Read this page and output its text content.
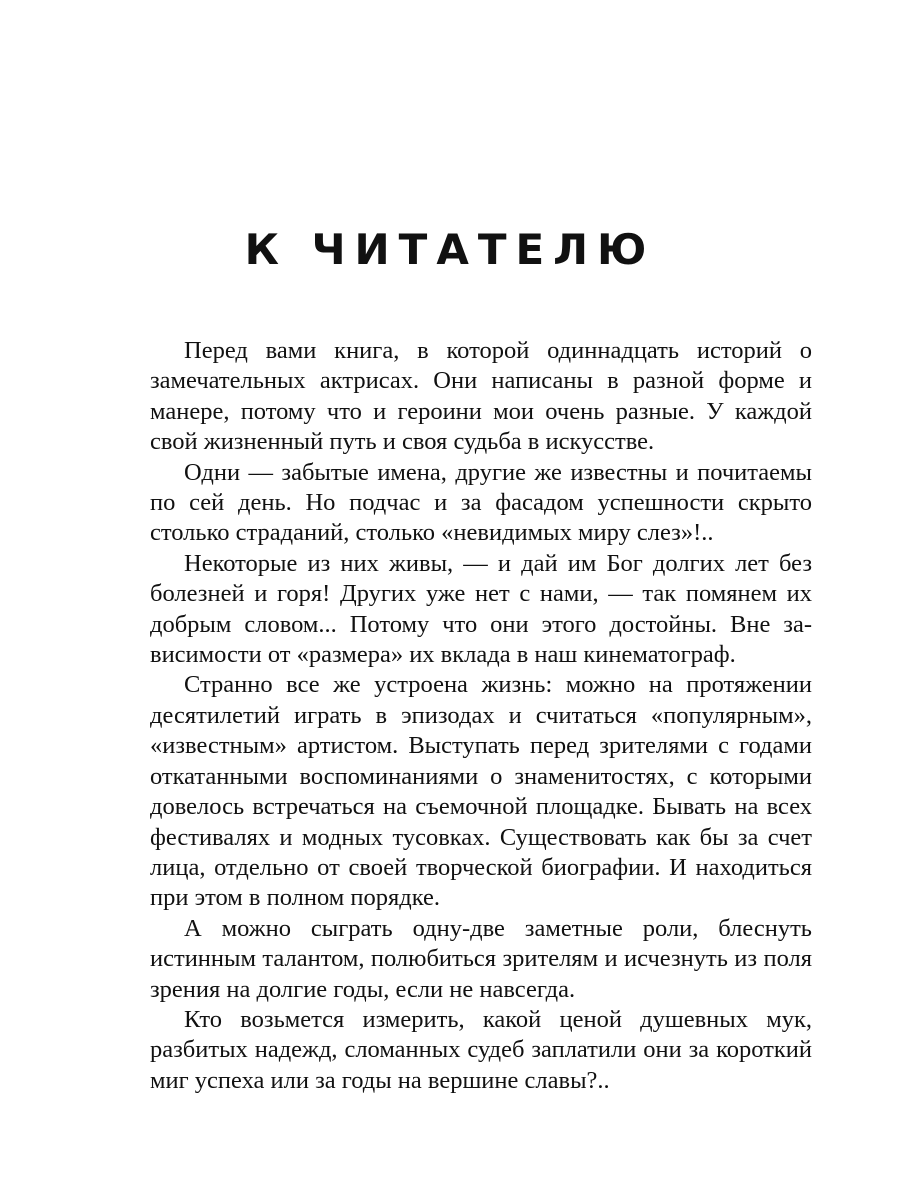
К ЧИТАТЕЛЮ

Перед вами книга, в которой одиннадцать историй о замечательных актрисах. Они написаны в разной форме и манере, потому что и героини мои очень разные. У каждой свой жизненный путь и своя судьба в искусстве.

Одни — забытые имена, другие же известны и почитаемы по сей день. Но подчас и за фасадом успешности скрыто столько страданий, столько «невидимых миру слез»!..

Некоторые из них живы, — и дай им Бог долгих лет без болезней и горя! Других уже нет с нами, — так помянем их добрым словом... Потому что они этого достойны. Вне зависимости от «размера» их вклада в наш кинематограф.

Странно все же устроена жизнь: можно на протяжении десятилетий играть в эпизодах и считаться «популярным», «известным» артистом. Выступать перед зрителями с годами откатанными воспоминаниями о знаменитостях, с которыми довелось встречаться на съемочной площадке. Бывать на всех фестивалях и модных тусовках. Существовать как бы за счет лица, отдельно от своей творческой биографии. И находиться при этом в полном порядке.

А можно сыграть одну-две заметные роли, блеснуть истинным талантом, полюбиться зрителям и исчезнуть из поля зрения на долгие годы, если не навсегда.

Кто возьмется измерить, какой ценой душевных мук, разбитых надежд, сломанных судеб заплатили они за короткий миг успеха или за годы на вершине славы?..
